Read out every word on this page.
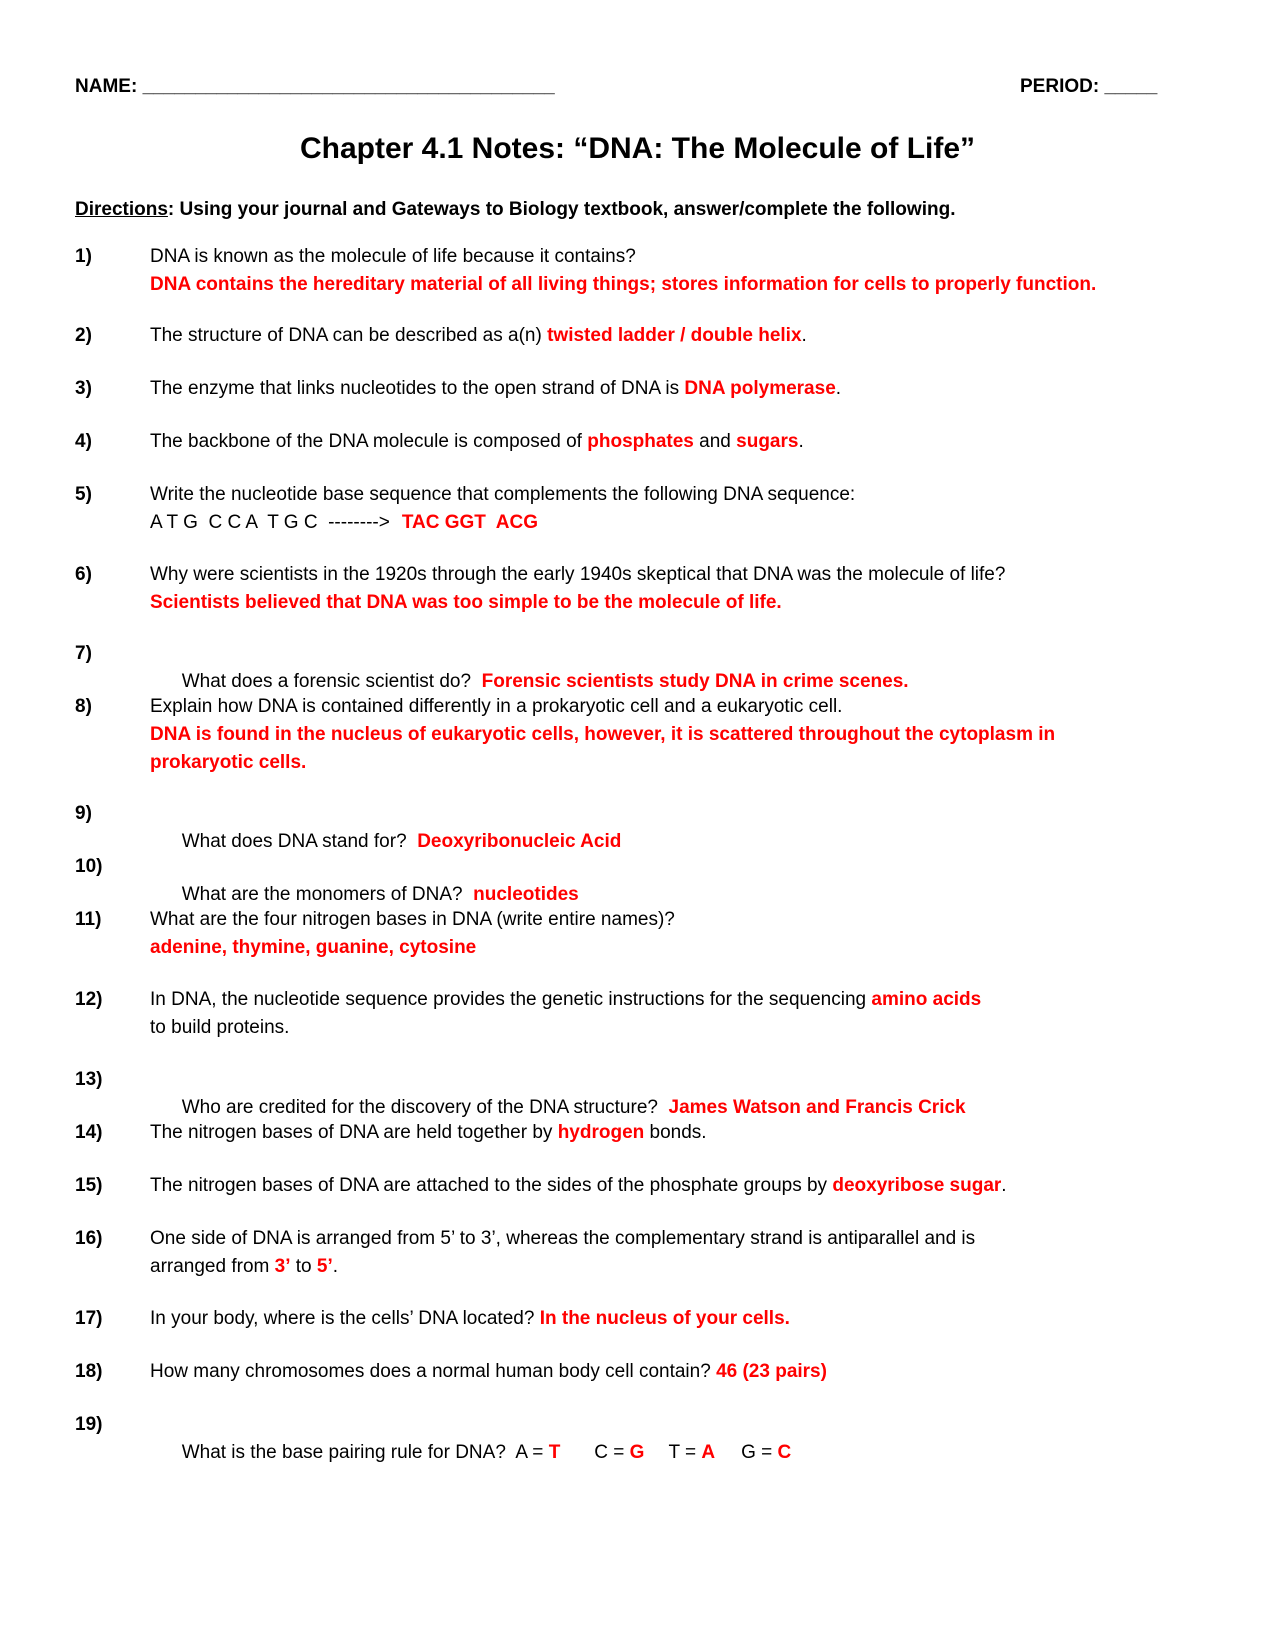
NAME: _______________________________________	PERIOD: _____
Chapter 4.1 Notes: “DNA: The Molecule of Life”
Directions: Using your journal and Gateways to Biology textbook, answer/complete the following.
1)	DNA is known as the molecule of life because it contains?
DNA contains the hereditary material of all living things; stores information for cells to properly function.
2)	The structure of DNA can be described as a(n) twisted ladder / double helix.
3)	The enzyme that links nucleotides to the open strand of DNA is DNA polymerase.
4)	The backbone of the DNA molecule is composed of phosphates and sugars.
5)	Write the nucleotide base sequence that complements the following DNA sequence:
A T G  C C A  T G C  --------> TAC GGT  ACG
6)	Why were scientists in the 1920s through the early 1940s skeptical that DNA was the molecule of life?
Scientists believed that DNA was too simple to be the molecule of life.
7)

What does a forensic scientist do?  Forensic scientists study DNA in crime scenes.

8)	Explain how DNA is contained differently in a prokaryotic cell and a eukaryotic cell.
DNA is found in the nucleus of eukaryotic cells, however, it is scattered throughout the cytoplasm in
prokaryotic cells.
9)

What does DNA stand for?  Deoxyribonucleic Acid

10)

What are the monomers of DNA?  nucleotides

11)	What are the four nitrogen bases in DNA (write entire names)?
adenine, thymine, guanine, cytosine
12)	In DNA, the nucleotide sequence provides the genetic instructions for the sequencing amino acids
to build proteins.
13)

Who are credited for the discovery of the DNA structure?  James Watson and Francis Crick

14)	The nitrogen bases of DNA are held together by hydrogen bonds.
15)	The nitrogen bases of DNA are attached to the sides of the phosphate groups by deoxyribose sugar.
16)	One side of DNA is arranged from 5’ to 3’, whereas the complementary strand is antiparallel and is
arranged from 3’ to 5’.
17)	In your body, where is the cells’ DNA located? In the nucleus of your cells.
18)	How many chromosomes does a normal human body cell contain? 46 (23 pairs)
19)

What is the base pairing rule for DNA?  A = T C = G T = A G = C
